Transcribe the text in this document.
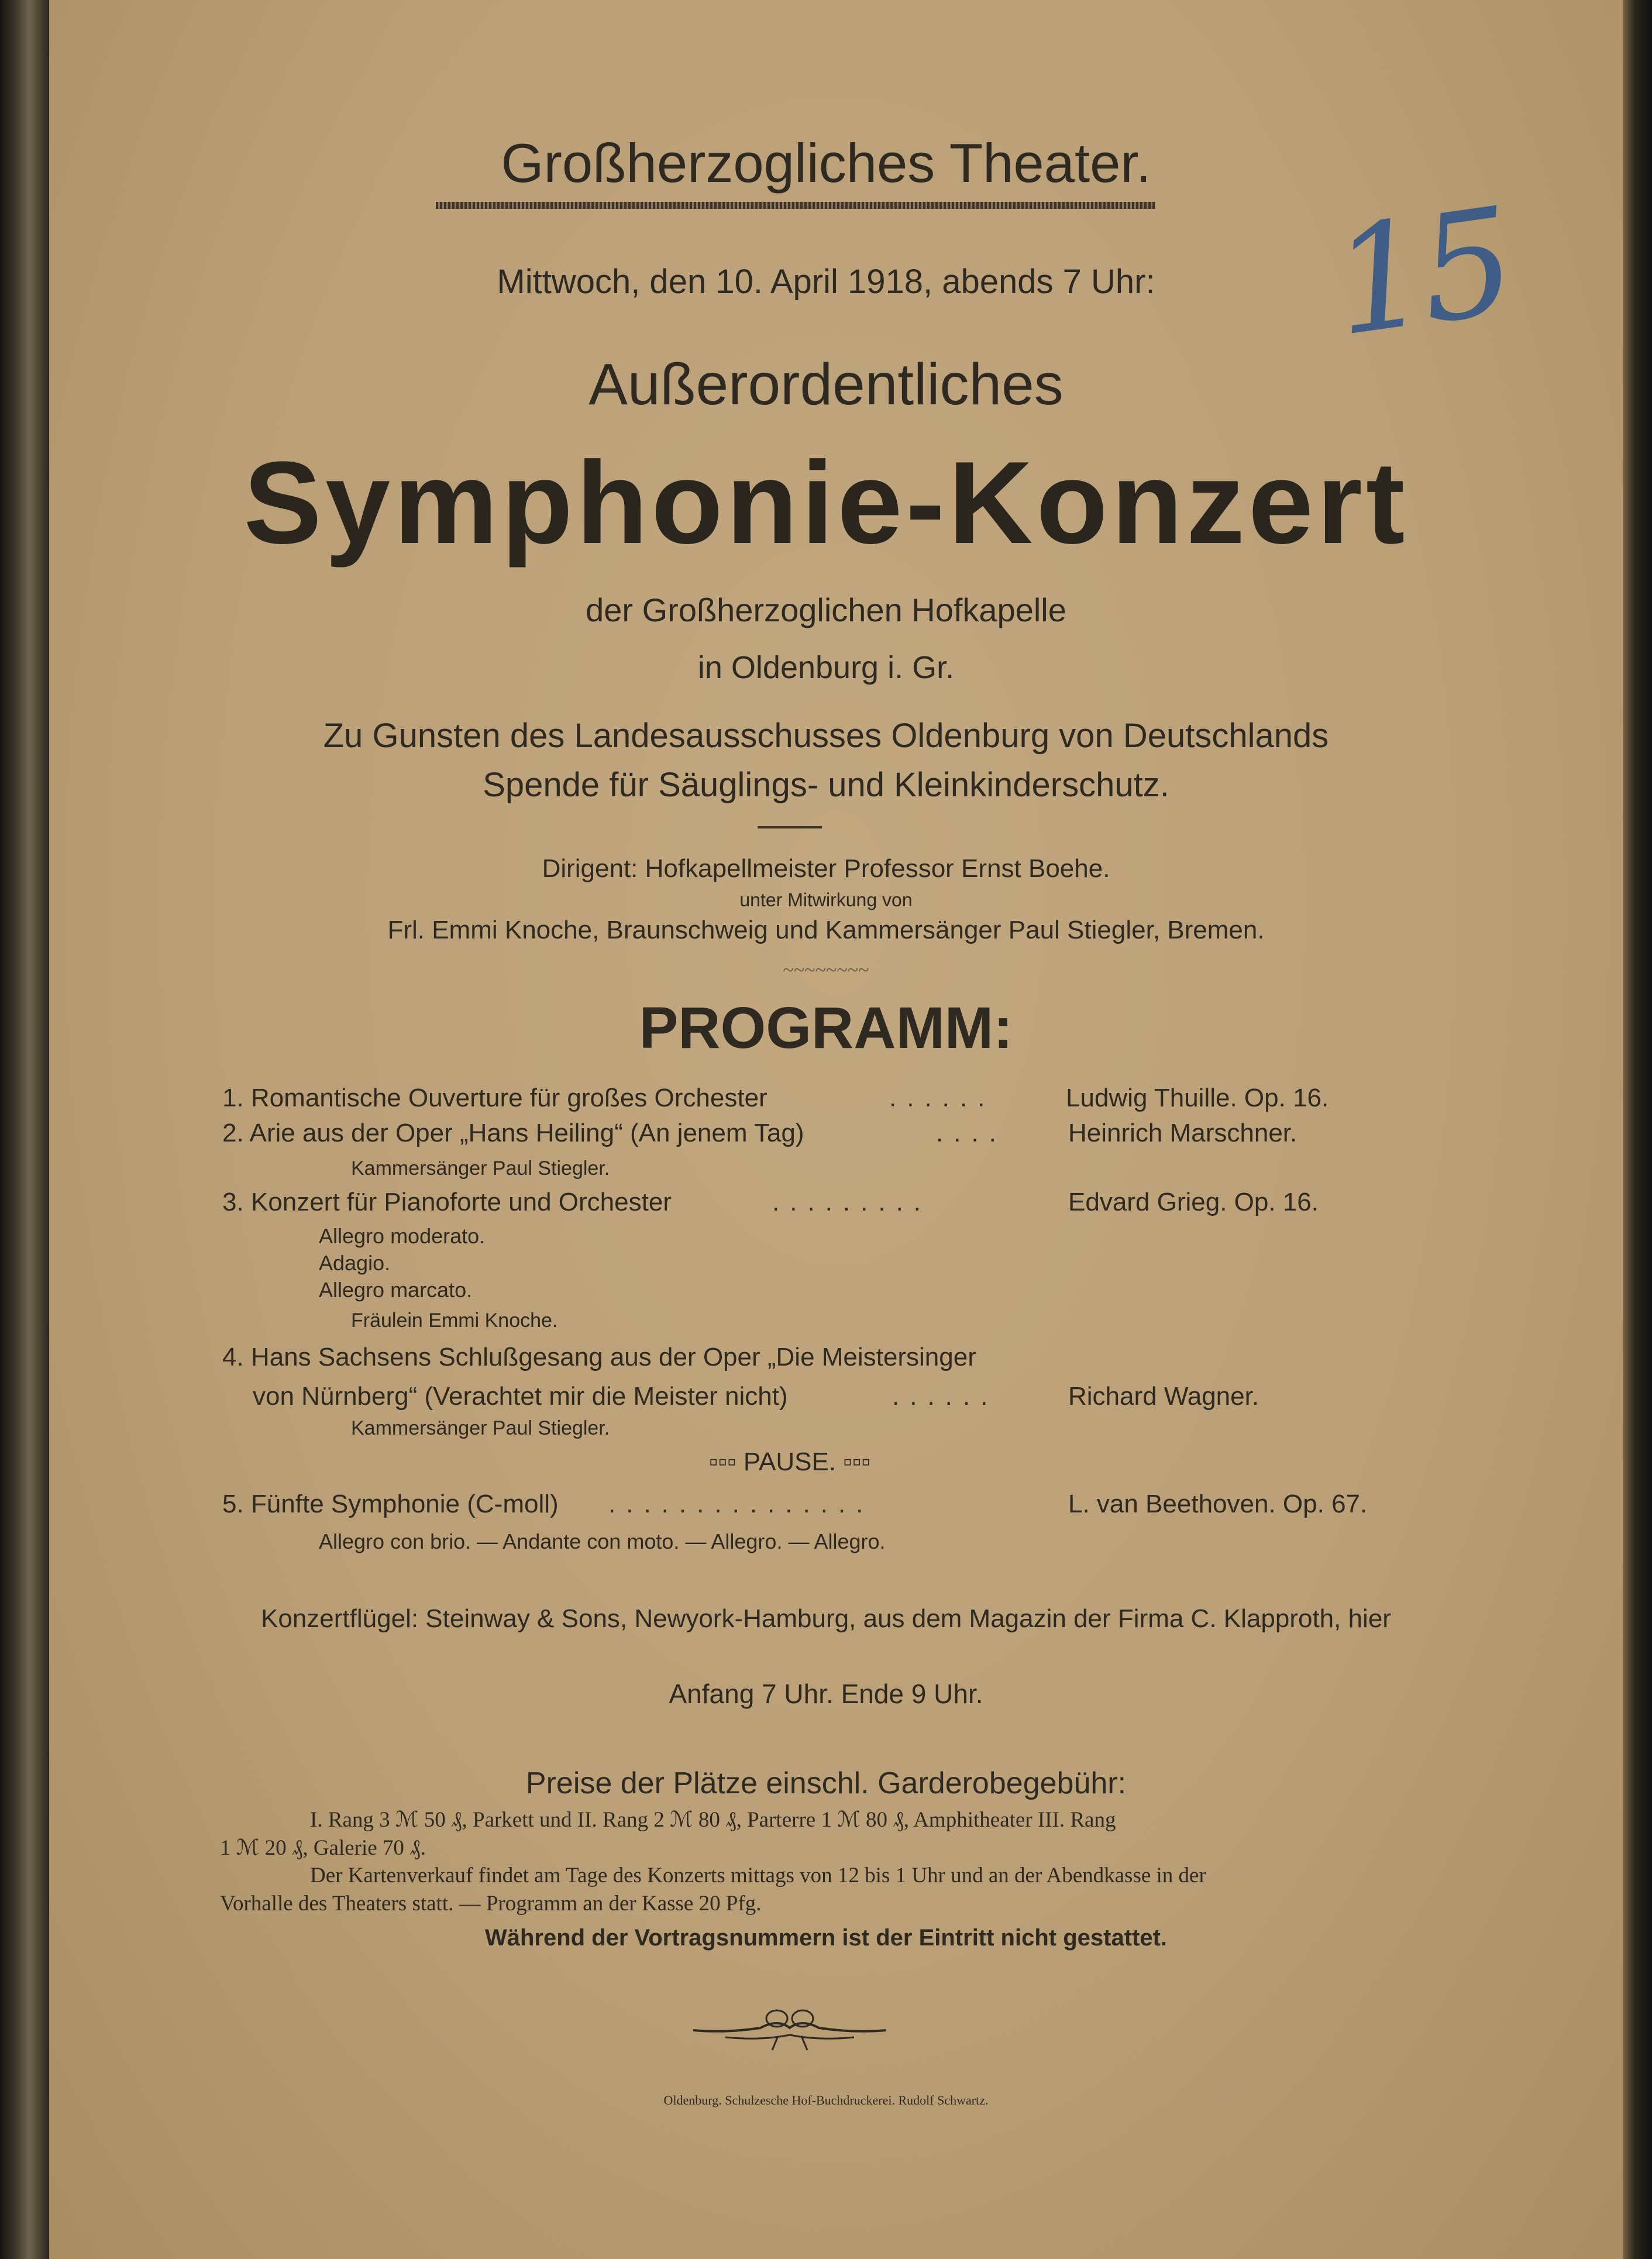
Großherzogliches Theater.
Mittwoch, den 10. April 1918, abends 7 Uhr:
Außerordentliches
Symphonie-Konzert
der Großherzoglichen Hofkapelle
in Oldenburg i. Gr.
Zu Gunsten des Landesausschusses Oldenburg von Deutschlands
Spende für Säuglings- und Kleinkinderschutz.
15
Dirigent: Hofkapellmeister Professor Ernst Boehe.
unter Mitwirkung von
Frl. Emmi Knoche, Braunschweig und Kammersänger Paul Stiegler, Bremen.
~~~~~~~~
PROGRAMM:
1. Romantische Ouverture für großes Orchester	......	Ludwig Thuille. Op. 16.
2. Arie aus der Oper „Hans Heiling“ (An jenem Tag)	.... Heinrich Marschner.
Kammersänger Paul Stiegler.
3. Konzert für Pianoforte und Orchester	.........	Edvard Grieg. Op. 16.
Allegro moderato.
Adagio.
Allegro marcato.
Fräulein Emmi Knoche.
4. Hans Sachsens Schlußgesang aus der Oper „Die Meistersinger
von Nürnberg“ (Verachtet mir die Meister nicht)	......	Richard Wagner.
Kammersänger Paul Stiegler.
▫▫▫ PAUSE. ▫▫▫
5. Fünfte Symphonie (C-moll) ...............	L. van Beethoven. Op. 67.
Allegro con brio. — Andante con moto. — Allegro. — Allegro.
Konzertflügel: Steinway & Sons, Newyork-Hamburg, aus dem Magazin der Firma C. Klapproth, hier
Anfang 7 Uhr. Ende 9 Uhr.
Preise der Plätze einschl. Garderobegebühr:
I. Rang 3 ℳ 50 ₰, Parkett und II. Rang 2 ℳ 80 ₰, Parterre 1 ℳ 80 ₰, Amphitheater III. Rang
1 ℳ 20 ₰, Galerie 70 ₰.
Der Kartenverkauf findet am Tage des Konzerts mittags von 12 bis 1 Uhr und an der Abendkasse in der
Vorhalle des Theaters statt. — Programm an der Kasse 20 Pfg.
Während der Vortragsnummern ist der Eintritt nicht gestattet.
Oldenburg. Schulzesche Hof-Buchdruckerei. Rudolf Schwartz.
